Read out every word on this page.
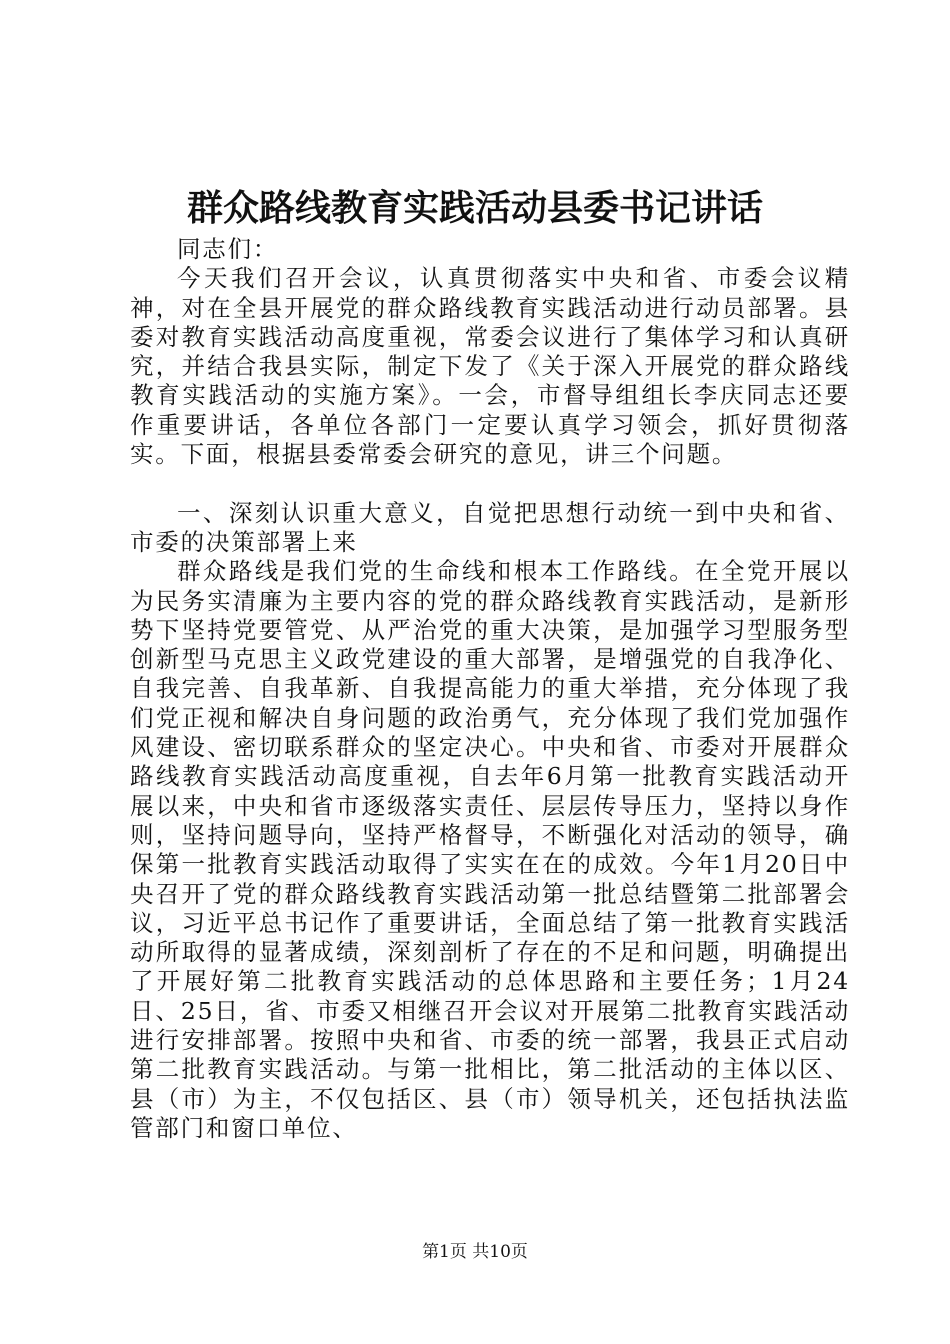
群众路线教育实践活动县委书记讲话

同志们：

今天我们召开会议，认真贯彻落实中央和省、市委会议精神，对在全县开展党的群众路线教育实践活动进行动员部署。县委对教育实践活动高度重视，常委会议进行了集体学习和认真研究，并结合我县实际，制定下发了《关于深入开展党的群众路线教育实践活动的实施方案》。一会，市督导组组长李庆同志还要作重要讲话，各单位各部门一定要认真学习领会，抓好贯彻落实。下面，根据县委常委会研究的意见，讲三个问题。

一、深刻认识重大意义，自觉把思想行动统一到中央和省、市委的决策部署上来

群众路线是我们党的生命线和根本工作路线。在全党开展以为民务实清廉为主要内容的党的群众路线教育实践活动，是新形势下坚持党要管党、从严治党的重大决策，是加强学习型服务型创新型马克思主义政党建设的重大部署，是增强党的自我净化、自我完善、自我革新、自我提高能力的重大举措，充分体现了我们党正视和解决自身问题的政治勇气，充分体现了我们党加强作风建设、密切联系群众的坚定决心。中央和省、市委对开展群众路线教育实践活动高度重视，自去年6月第一批教育实践活动开展以来，中央和省市逐级落实责任、层层传导压力，坚持以身作则，坚持问题导向，坚持严格督导，不断强化对活动的领导，确保第一批教育实践活动取得了实实在在的成效。今年1月20日中央召开了党的群众路线教育实践活动第一批总结暨第二批部署会议，习近平总书记作了重要讲话，全面总结了第一批教育实践活动所取得的显著成绩，深刻剖析了存在的不足和问题，明确提出了开展好第二批教育实践活动的总体思路和主要任务；1月24日、25日，省、市委又相继召开会议对开展第二批教育实践活动进行安排部署。按照中央和省、市委的统一部署，我县正式启动第二批教育实践活动。与第一批相比，第二批活动的主体以区、县（市）为主，不仅包括区、县（市）领导机关，还包括执法监管部门和窗口单位、

第1页 共10页
